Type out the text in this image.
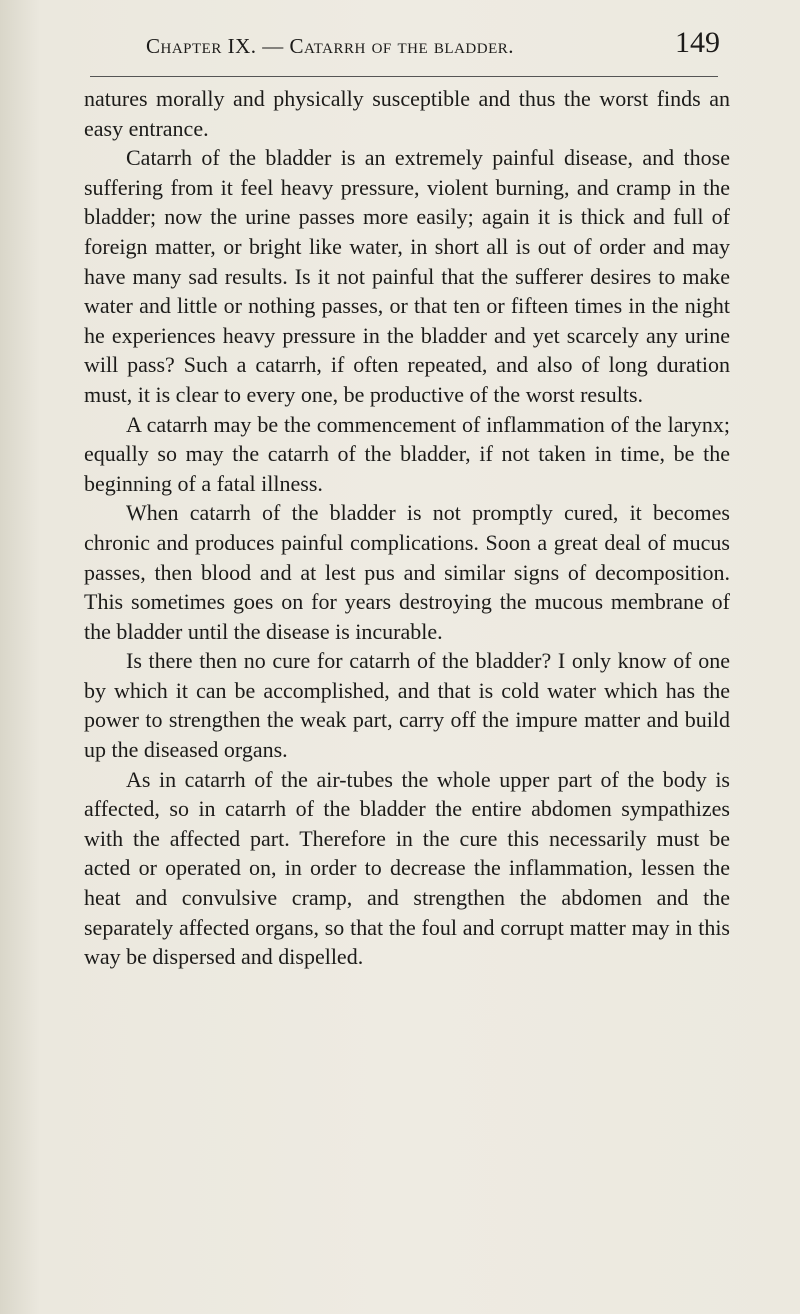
Chapter IX. — Catarrh of the bladder.	149

natures morally and physically susceptible and thus the worst finds an easy entrance.

Catarrh of the bladder is an extremely painful disease, and those suffering from it feel heavy pressure, violent burning, and cramp in the bladder; now the urine passes more easily; again it is thick and full of foreign matter, or bright like water, in short all is out of order and may have many sad results. Is it not painful that the sufferer desires to make water and little or nothing passes, or that ten or fifteen times in the night he experiences heavy pressure in the bladder and yet scarcely any urine will pass? Such a catarrh, if often repeated, and also of long duration must, it is clear to every one, be productive of the worst results.

A catarrh may be the commencement of inflammation of the larynx; equally so may the catarrh of the bladder, if not taken in time, be the beginning of a fatal illness.

When catarrh of the bladder is not promptly cured, it becomes chronic and produces painful complications. Soon a great deal of mucus passes, then blood and at lest pus and similar signs of decomposition. This sometimes goes on for years destroying the mucous membrane of the bladder until the disease is incurable.

Is there then no cure for catarrh of the bladder? I only know of one by which it can be accomplished, and that is cold water which has the power to strengthen the weak part, carry off the impure matter and build up the diseased organs.

As in catarrh of the air-tubes the whole upper part of the body is affected, so in catarrh of the bladder the entire abdomen sympathizes with the affected part. Therefore in the cure this necessarily must be acted or operated on, in order to decrease the inflammation, lessen the heat and convulsive cramp, and strengthen the abdomen and the separately affected organs, so that the foul and corrupt matter may in this way be dispersed and dispelled.
